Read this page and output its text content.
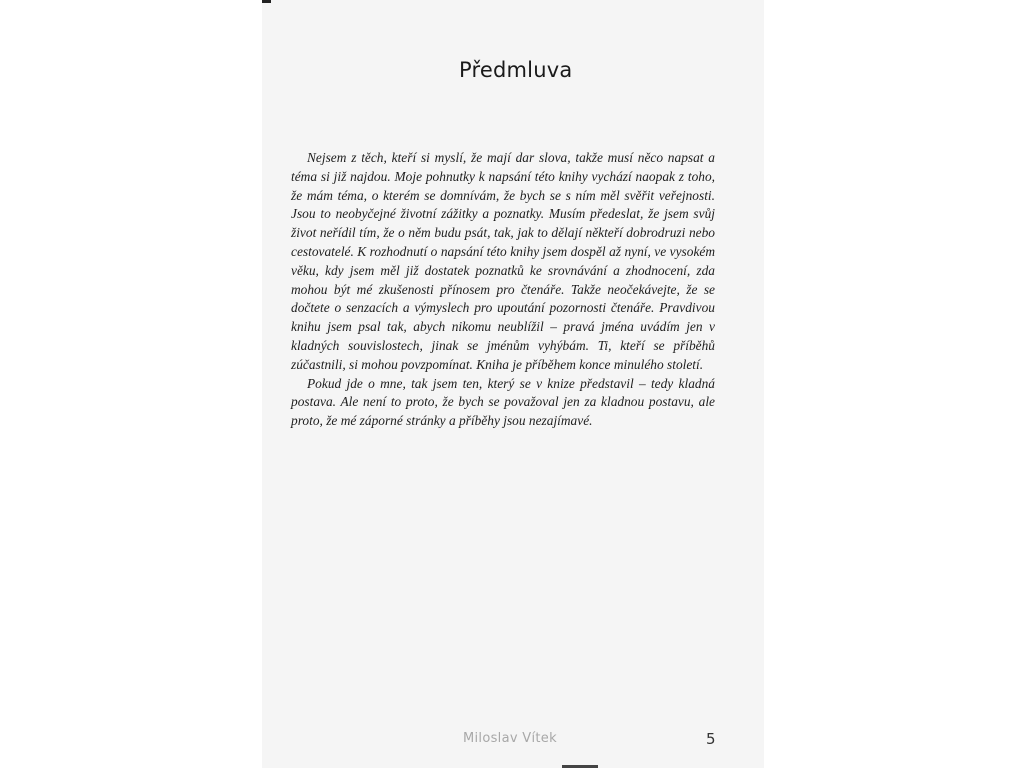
Předmluva

Nejsem z těch, kteří si myslí, že mají dar slova, takže musí něco napsat a téma si již najdou. Moje pohnutky k napsání této knihy vychází naopak z toho, že mám téma, o kterém se domnívám, že bych se s ním měl svěřit veřejnosti. Jsou to neobyčejné životní zážitky a poznatky. Musím předeslat, že jsem svůj život neřídil tím, že o něm budu psát, tak, jak to dělají někteří dobrodruzi nebo cestovatelé. K rozhodnutí o napsání této knihy jsem dospěl až nyní, ve vysokém věku, kdy jsem měl již dostatek poznatků ke srovnávání a zhodnocení, zda mohou být mé zkušenosti přínosem pro čtenáře. Takže neočekávejte, že se dočtete o senzacích a výmyslech pro upoutání pozornosti čtenáře. Pravdivou knihu jsem psal tak, abych nikomu neublížil – pravá jména uvádím jen v kladných souvislostech, jinak se jménům vyhýbám. Ti, kteří se příběhů zúčastnili, si mohou povzpomínat. Kniha je příběhem konce minulého století.

Pokud jde o mne, tak jsem ten, který se v knize představil – tedy kladná postava. Ale není to proto, že bych se považoval jen za kladnou postavu, ale proto, že mé záporné stránky a příběhy jsou nezajímavé.

Miloslav Vítek	5
